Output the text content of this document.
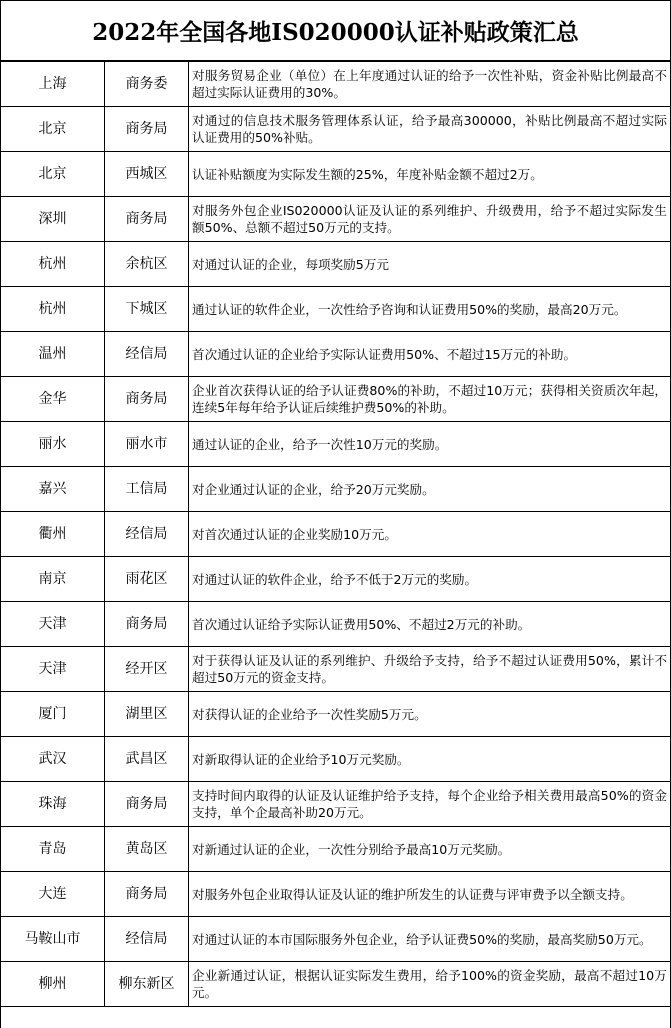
2022年全国各地IS020000认证补贴政策汇总
上海	商务委	对服务贸易企业（单位）在上年度通过认证的给予一次性补贴，资金补贴比例最高不超过实际认证费用的30%。
北京	商务局	对通过的信息技术服务管理体系认证，给予最高300000，补贴比例最高不超过实际认证费用的50%补贴。
北京	西城区	认证补贴额度为实际发生额的25%，年度补贴金额不超过2万。
深圳	商务局	对服务外包企业IS020000认证及认证的系列维护、升级费用，给予不超过实际发生额50%、总额不超过50万元的支持。
杭州	余杭区	对通过认证的企业，每项奖励5万元
杭州	下城区	通过认证的软件企业，一次性给予咨询和认证费用50%的奖励，最高20万元。
温州	经信局	首次通过认证的企业给予实际认证费用50%、不超过15万元的补助。
金华	商务局	企业首次获得认证的给予认证费80%的补助，不超过10万元；获得相关资质次年起，连续5年每年给予认证后续维护费50%的补助。
丽水	丽水市	通过认证的企业，给予一次性10万元的奖励。
嘉兴	工信局	对企业通过认证的企业，给予20万元奖励。
衢州	经信局	对首次通过认证的企业奖励10万元。
南京	雨花区	对通过认证的软件企业，给予不低于2万元的奖励。
天津	商务局	首次通过认证给予实际认证费用50%、不超过2万元的补助。
天津	经开区	对于获得认证及认证的系列维护、升级给予支持，给予不超过认证费用50%，累计不超过50万元的资金支持。
厦门	湖里区	对获得认证的企业给予一次性奖励5万元。
武汉	武昌区	对新取得认证的企业给予10万元奖励。
珠海	商务局	支持时间内取得的认证及认证维护给予支持，每个企业给予相关费用最高50%的资金支持，单个企最高补助20万元。
青岛	黄岛区	对新通过认证的企业，一次性分别给予最高10万元奖励。
大连	商务局	对服务外包企业取得认证及认证的维护所发生的认证费与评审费予以全额支持。
马鞍山市	经信局	对通过认证的本市国际服务外包企业，给予认证费50%的奖励，最高奖励50万元。
柳州	柳东新区	企业新通过认证，根据认证实际发生费用，给予100%的资金奖励，最高不超过10万元。
